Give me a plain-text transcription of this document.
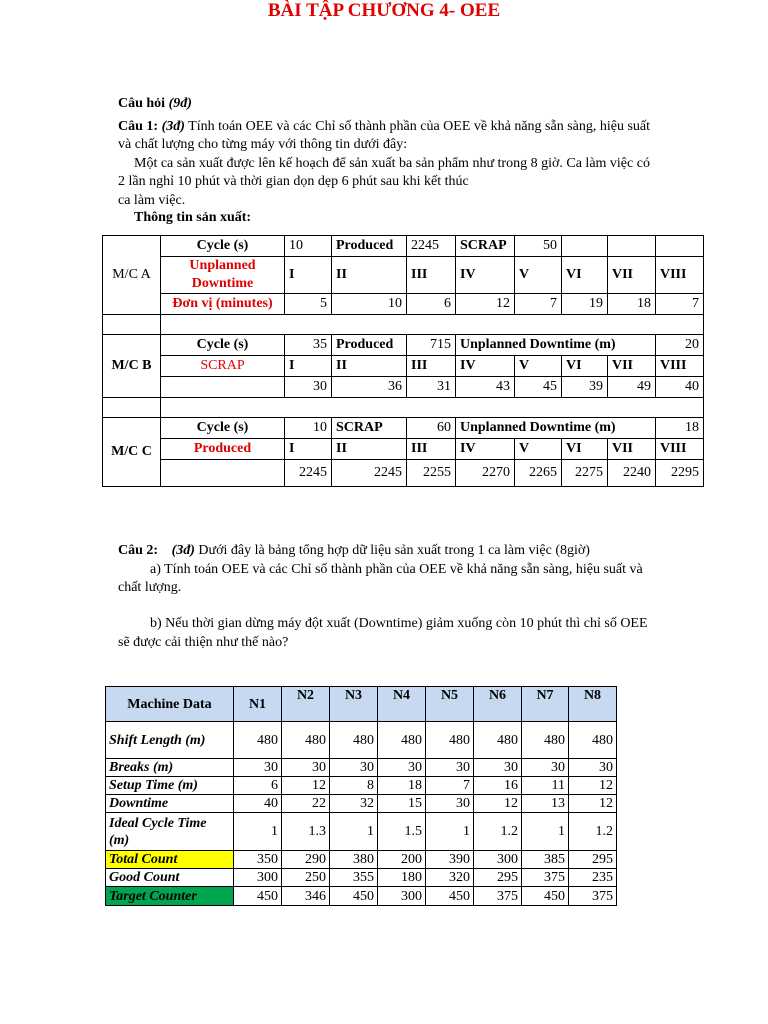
BÀI TẬP CHƯƠNG 4- OEE
Câu hỏi (9đ)
Câu 1: (3đ) Tính toán OEE và các Chỉ số thành phần của OEE về khả năng sẵn sàng, hiệu suất
và chất lượng cho từng máy với thông tin dưới đây:
Một ca sản xuất được lên kế hoạch để sản xuất ba sản phẩm như trong 8 giờ. Ca làm việc có
2 lần nghỉ 10 phút và thời gian dọn dẹp 6 phút sau khi kết thúc
ca làm việc.
Thông tin sản xuất:
M/C A	Cycle (s)	10	Produced	2245	SCRAP	50			
	Unplanned Downtime	I	II	III	IV	V	VI	VII	VIII
	Đơn vị (minutes)	5	10	6	12	7	19	18	7

M/C B	Cycle (s)	35	Produced	715	Unplanned Downtime (m)				20
	SCRAP	I	II	III	IV	V	VI	VII	VIII
		30	36	31	43	45	39	49	40

M/C C	Cycle (s)	10	SCRAP	60	Unplanned Downtime (m)				18
	Produced	I	II	III	IV	V	VI	VII	VIII
		2245	2245	2255	2270	2265	2275	2240	2295
Câu 2: (3đ) Dưới đây là bảng tổng hợp dữ liệu sản xuất trong 1 ca làm việc (8giờ)
a) Tính toán OEE và các Chỉ số thành phần của OEE về khả năng sẵn sàng, hiệu suất và
chất lượng.
b) Nếu thời gian dừng máy đột xuất (Downtime) giảm xuống còn 10 phút thì chỉ số OEE
sẽ được cải thiện như thế nào?
Machine Data	N1	N2	N3	N4	N5	N6	N7	N8
Shift Length (m)	480	480	480	480	480	480	480	480
Breaks (m)	30	30	30	30	30	30	30	30
Setup Time (m)	6	12	8	18	7	16	11	12
Downtime	40	22	32	15	30	12	13	12
Ideal Cycle Time (m)	1	1.3	1	1.5	1	1.2	1	1.2
Total Count	350	290	380	200	390	300	385	295
Good Count	300	250	355	180	320	295	375	235
Target Counter	450	346	450	300	450	375	450	375
